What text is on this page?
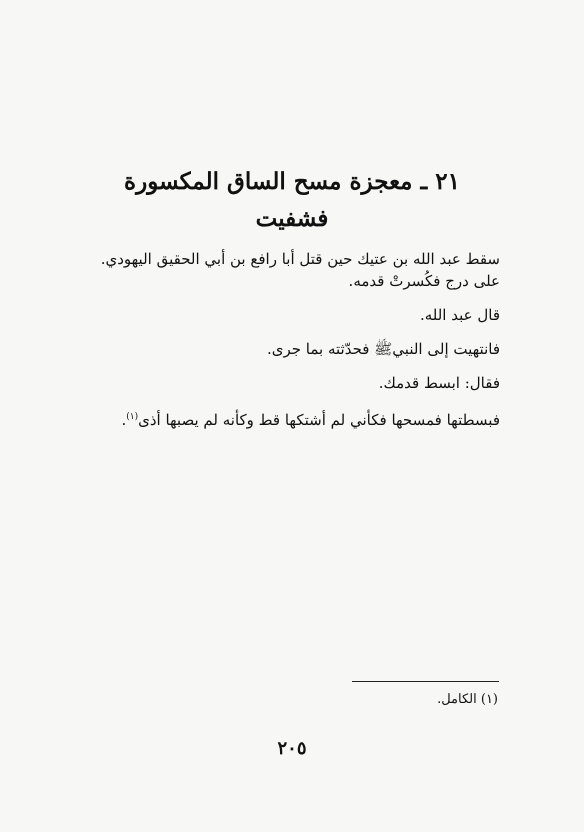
٢١ ـ معجزة مسح الساق المكسورة
فشفيت

سقط عبد الله بن عتيك حين قتل أبا رافع بن أبي الحقيق اليهودي. على درج فكُسرتْ قدمه.

قال عبد الله.

فانتهيت إلى النبيﷺ فحدّثته بما جرى.

فقال: ابسط قدمك.

فبسطتها فمسحها فكأني لم أشتكها قط وكأنه لم يصبها أذى$^{(١)}$.

(١) الكامل.
٢٠٥
